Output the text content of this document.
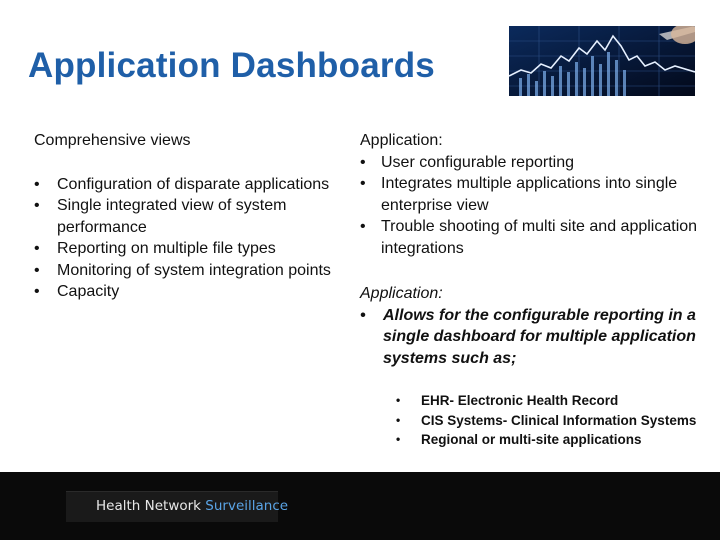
Application Dashboards
Comprehensive views
• Configuration of disparate applications
• Single integrated view of system performance
• Reporting on multiple file types
• Monitoring of system integration points
• Capacity
Application:
• User configurable reporting
• Integrates multiple applications into single enterprise view
• Trouble shooting of multi site and application integrations
Application:
• Allows for the configurable reporting in a single dashboard for multiple application systems such as;
• EHR- Electronic Health Record
• CIS Systems- Clinical Information Systems
• Regional or multi-site applications
Health Network Surveillance
